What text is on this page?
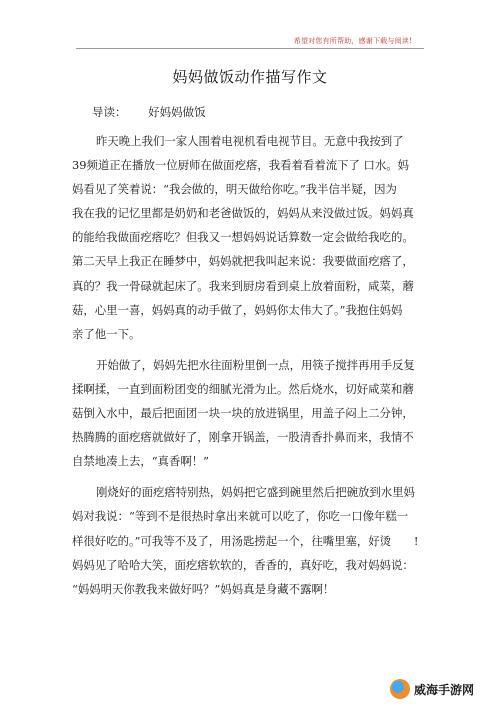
希望对您有所帮助，感谢下载与阅读!
妈妈做饭动作描写作文
导读： 好妈妈做饭
昨天晚上我们一家人围着电视机看电视节目。无意中我按到了
39频道正在播放一位厨师在做面疙瘩，我看着看着流下了 口水。妈
妈看见了笑着说：“我会做的，明天做给你吃。”我半信半疑，因为
我在我的记忆里都是奶奶和老爸做饭的，妈妈从来没做过饭。妈妈真
的能给我做面疙瘩吃？但我又一想妈妈说话算数一定会做给我吃的。
第二天早上我正在睡梦中，妈妈就把我叫起来说：我要做面疙瘩了，
真的？我一骨碌就起床了。我来到厨房看到桌上放着面粉，咸菜，蘑
菇，心里一喜，妈妈真的动手做了，妈妈你太伟大了。”我抱住妈妈
亲了他一下。
开始做了，妈妈先把水往面粉里倒一点，用筷子搅拌再用手反复
揉啊揉，一直到面粉团变的细腻光滑为止。然后烧水，切好咸菜和蘑
菇倒入水中，最后把面团一块一块的放进锅里，用盖子闷上二分钟，
热腾腾的面疙瘩就做好了，刚拿开锅盖，一股清香扑鼻而来，我情不
自禁地凑上去，“真香啊！”
刚烧好的面疙瘩特别热，妈妈把它盛到碗里然后把碗放到水里妈
妈对我说：“等到不是很热时拿出来就可以吃了，你吃一口像年糕一
样很好吃的。”可我等不及了，用汤匙捞起一个，往嘴里塞，好烫　　!
妈妈见了哈哈大笑，面疙瘩软软的，香香的，真好吃，我对妈妈说：
“妈妈明天你教我来做好吗？”妈妈真是身藏不露啊！
威海手游网
